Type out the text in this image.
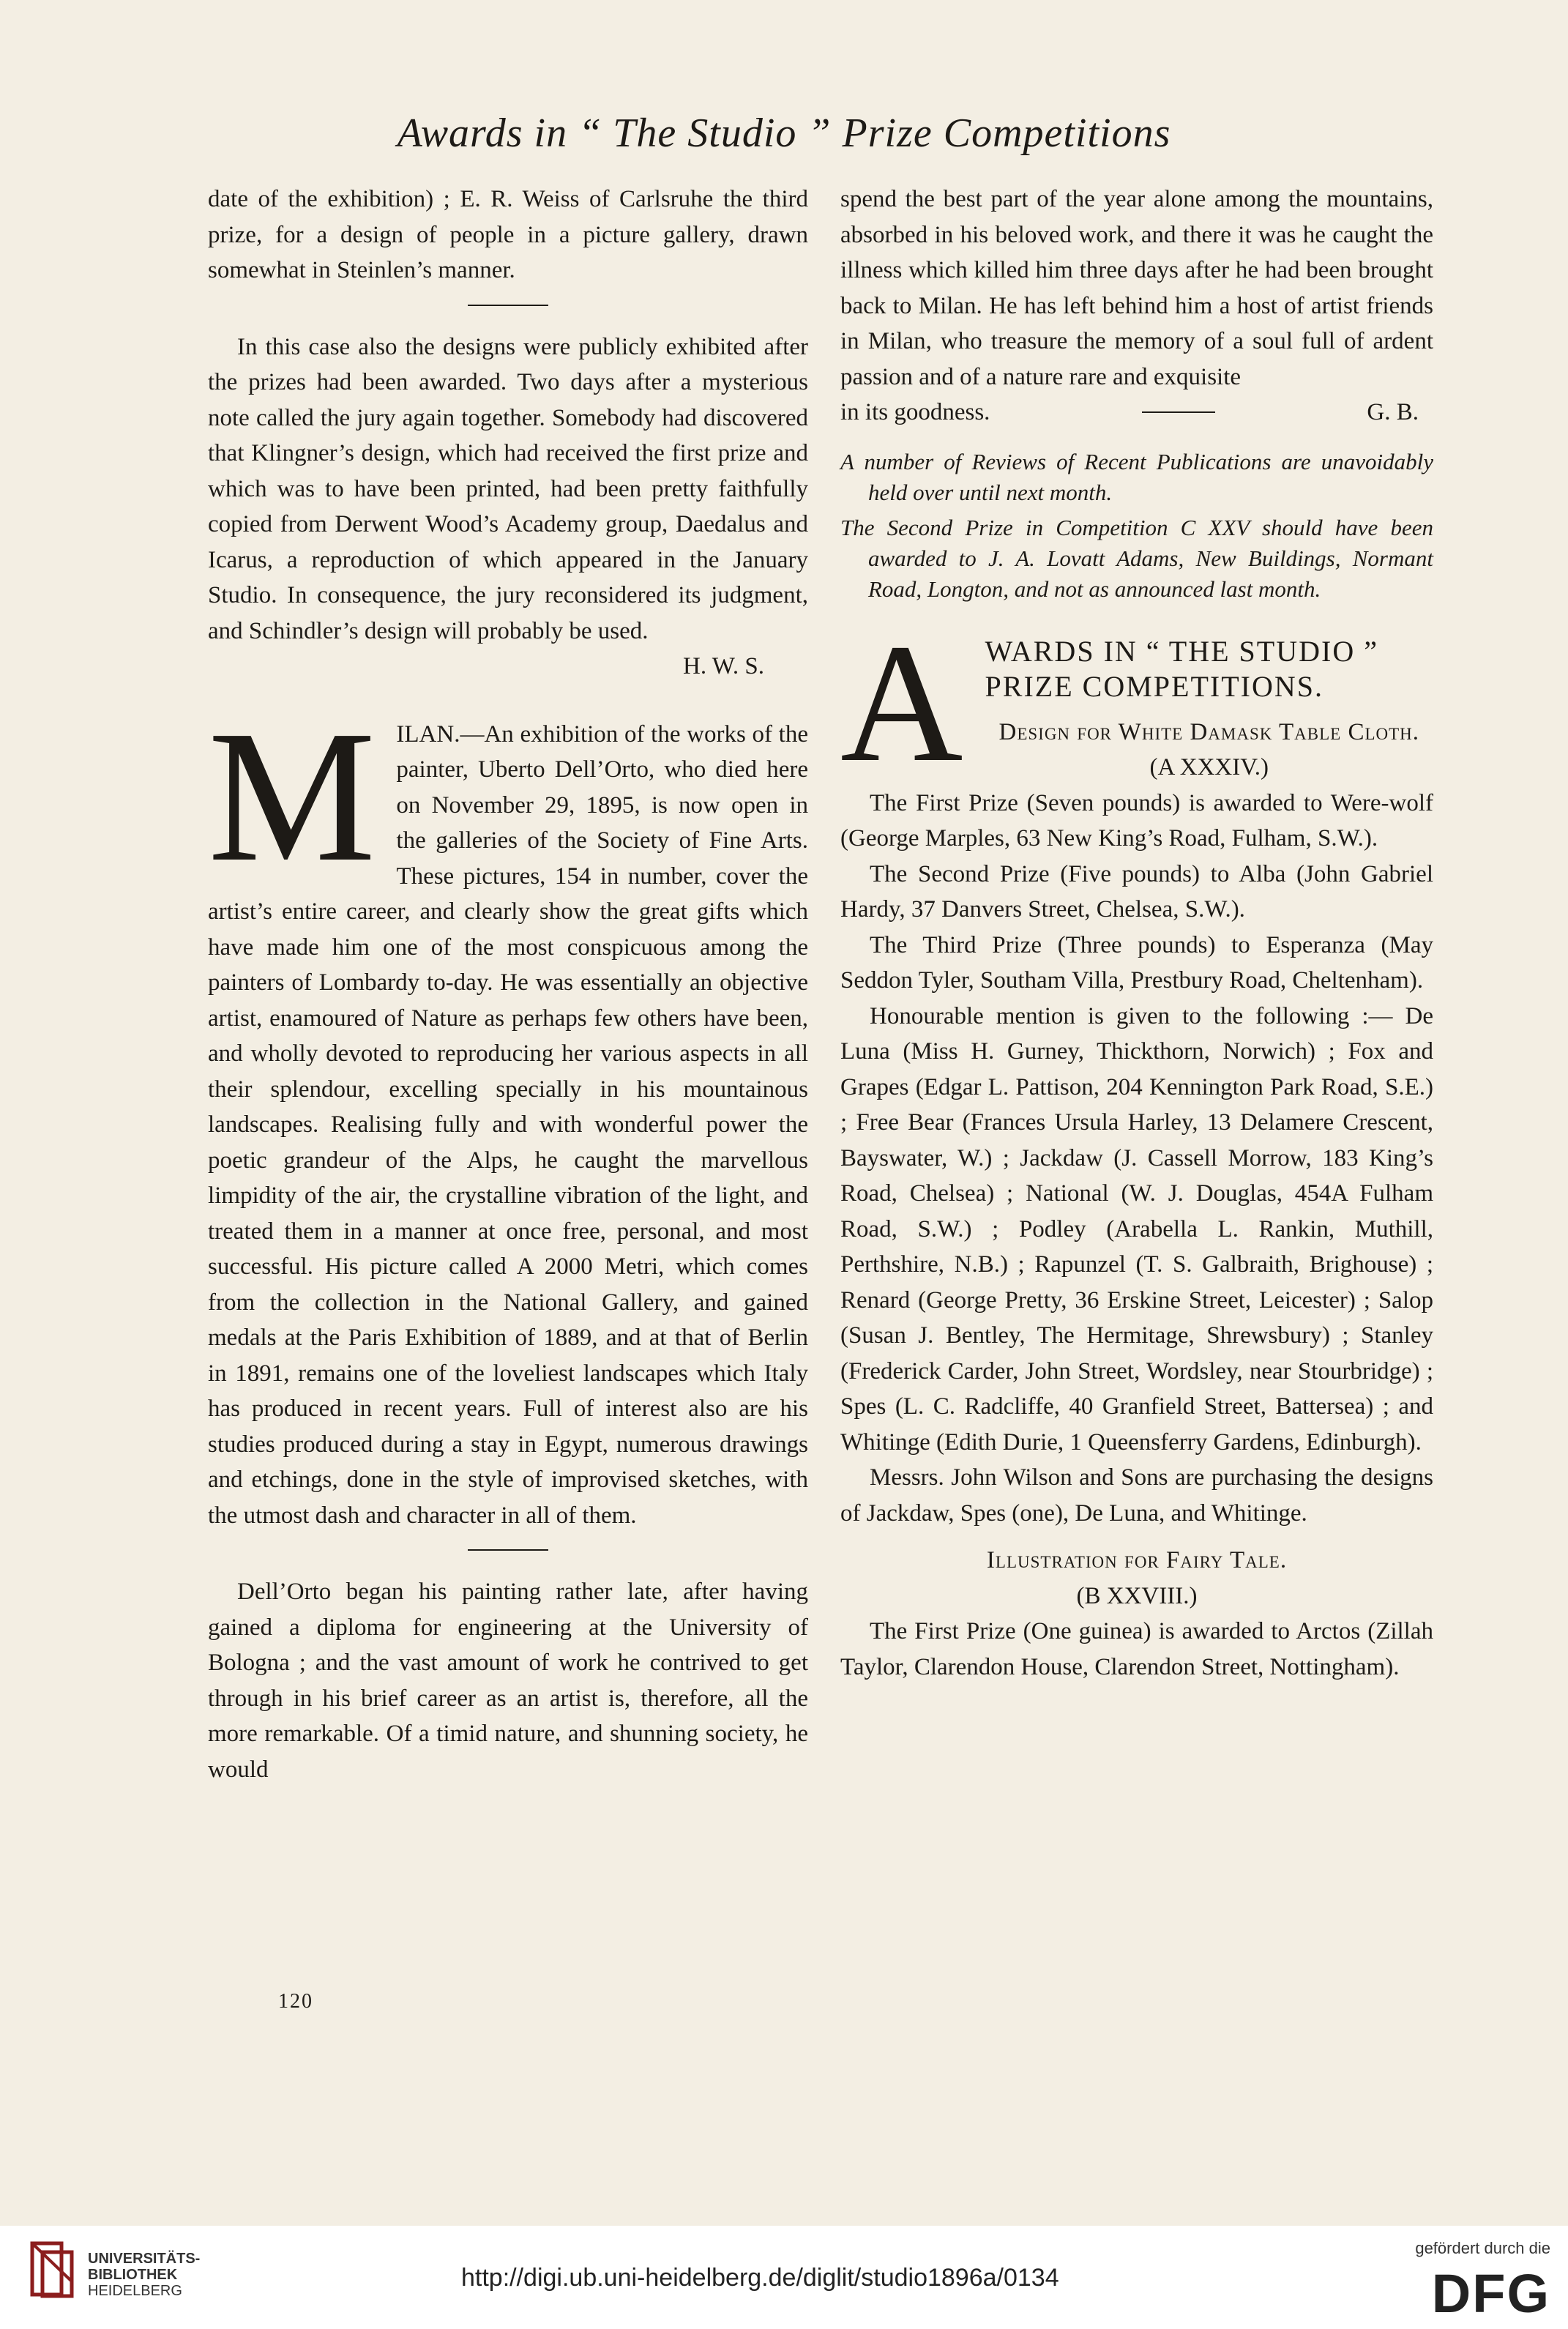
Awards in “ The Studio ” Prize Competitions

date of the exhibition) ; E. R. Weiss of Carlsruhe the third prize, for a design of people in a picture gallery, drawn somewhat in Steinlen’s manner.

In this case also the designs were publicly exhibited after the prizes had been awarded. Two days after a mysterious note called the jury again together. Somebody had discovered that Klingner’s design, which had received the first prize and which was to have been printed, had been pretty faithfully copied from Derwent Wood’s Academy group, Daedalus and Icarus, a reproduction of which appeared in the January Studio. In consequence, the jury reconsidered its judgment, and Schindler’s design will probably be used.

H. W. S.

M ILAN.—An exhibition of the works of the painter, Uberto Dell’Orto, who died here on November 29, 1895, is now open in the galleries of the Society of Fine Arts. These pictures, 154 in number, cover the artist’s entire career, and clearly show the great gifts which have made him one of the most conspicuous among the painters of Lombardy to-day. He was essentially an objective artist, enamoured of Nature as perhaps few others have been, and wholly devoted to reproducing her various aspects in all their splendour, excelling specially in his mountainous landscapes. Realising fully and with wonderful power the poetic grandeur of the Alps, he caught the marvellous limpidity of the air, the crystalline vibration of the light, and treated them in a manner at once free, personal, and most successful. His picture called A 2000 Metri, which comes from the collection in the National Gallery, and gained medals at the Paris Exhibition of 1889, and at that of Berlin in 1891, remains one of the loveliest landscapes which Italy has produced in recent years. Full of interest also are his studies produced during a stay in Egypt, numerous drawings and etchings, done in the style of improvised sketches, with the utmost dash and character in all of them.

Dell’Orto began his painting rather late, after having gained a diploma for engineering at the University of Bologna ; and the vast amount of work he contrived to get through in his brief career as an artist is, therefore, all the more remarkable. Of a timid nature, and shunning society, he would

spend the best part of the year alone among the mountains, absorbed in his beloved work, and there it was he caught the illness which killed him three days after he had been brought back to Milan. He has left behind him a host of artist friends in Milan, who treasure the memory of a soul full of ardent passion and of a nature rare and exquisite

in its goodness.	G. B.

A number of Reviews of Recent Publications are unavoidably held over until next month.

The Second Prize in Competition C XXV should have been awarded to J. A. Lovatt Adams, New Buildings, Normant Road, Longton, and not as announced last month.

A WARDS IN “ THE STUDIO ” PRIZE COMPETITIONS.

Design for White Damask Table Cloth.

(A XXXIV.)

The First Prize (Seven pounds) is awarded to Were-wolf (George Marples, 63 New King’s Road, Fulham, S.W.).

The Second Prize (Five pounds) to Alba (John Gabriel Hardy, 37 Danvers Street, Chelsea, S.W.).

The Third Prize (Three pounds) to Esperanza (May Seddon Tyler, Southam Villa, Prestbury Road, Cheltenham).

Honourable mention is given to the following :— De Luna (Miss H. Gurney, Thickthorn, Norwich) ; Fox and Grapes (Edgar L. Pattison, 204 Kennington Park Road, S.E.) ; Free Bear (Frances Ursula Harley, 13 Delamere Crescent, Bayswater, W.) ; Jackdaw (J. Cassell Morrow, 183 King’s Road, Chelsea) ; National (W. J. Douglas, 454A Fulham Road, S.W.) ; Podley (Arabella L. Rankin, Muthill, Perthshire, N.B.) ; Rapunzel (T. S. Galbraith, Brighouse) ; Renard (George Pretty, 36 Erskine Street, Leicester) ; Salop (Susan J. Bentley, The Hermitage, Shrewsbury) ; Stanley (Frederick Carder, John Street, Wordsley, near Stourbridge) ; Spes (L. C. Radcliffe, 40 Granfield Street, Battersea) ; and Whitinge (Edith Durie, 1 Queensferry Gardens, Edinburgh).

Messrs. John Wilson and Sons are purchasing the designs of Jackdaw, Spes (one), De Luna, and Whitinge.

Illustration for Fairy Tale.

(B XXVIII.)

The First Prize (One guinea) is awarded to Arctos (Zillah Taylor, Clarendon House, Clarendon Street, Nottingham).

120
UNIVERSITÄTS-
BIBLIOTHEK
HEIDELBERG	http://digi.ub.uni-heidelberg.de/diglit/studio1896a/0134
gefördert durch die
DFG
